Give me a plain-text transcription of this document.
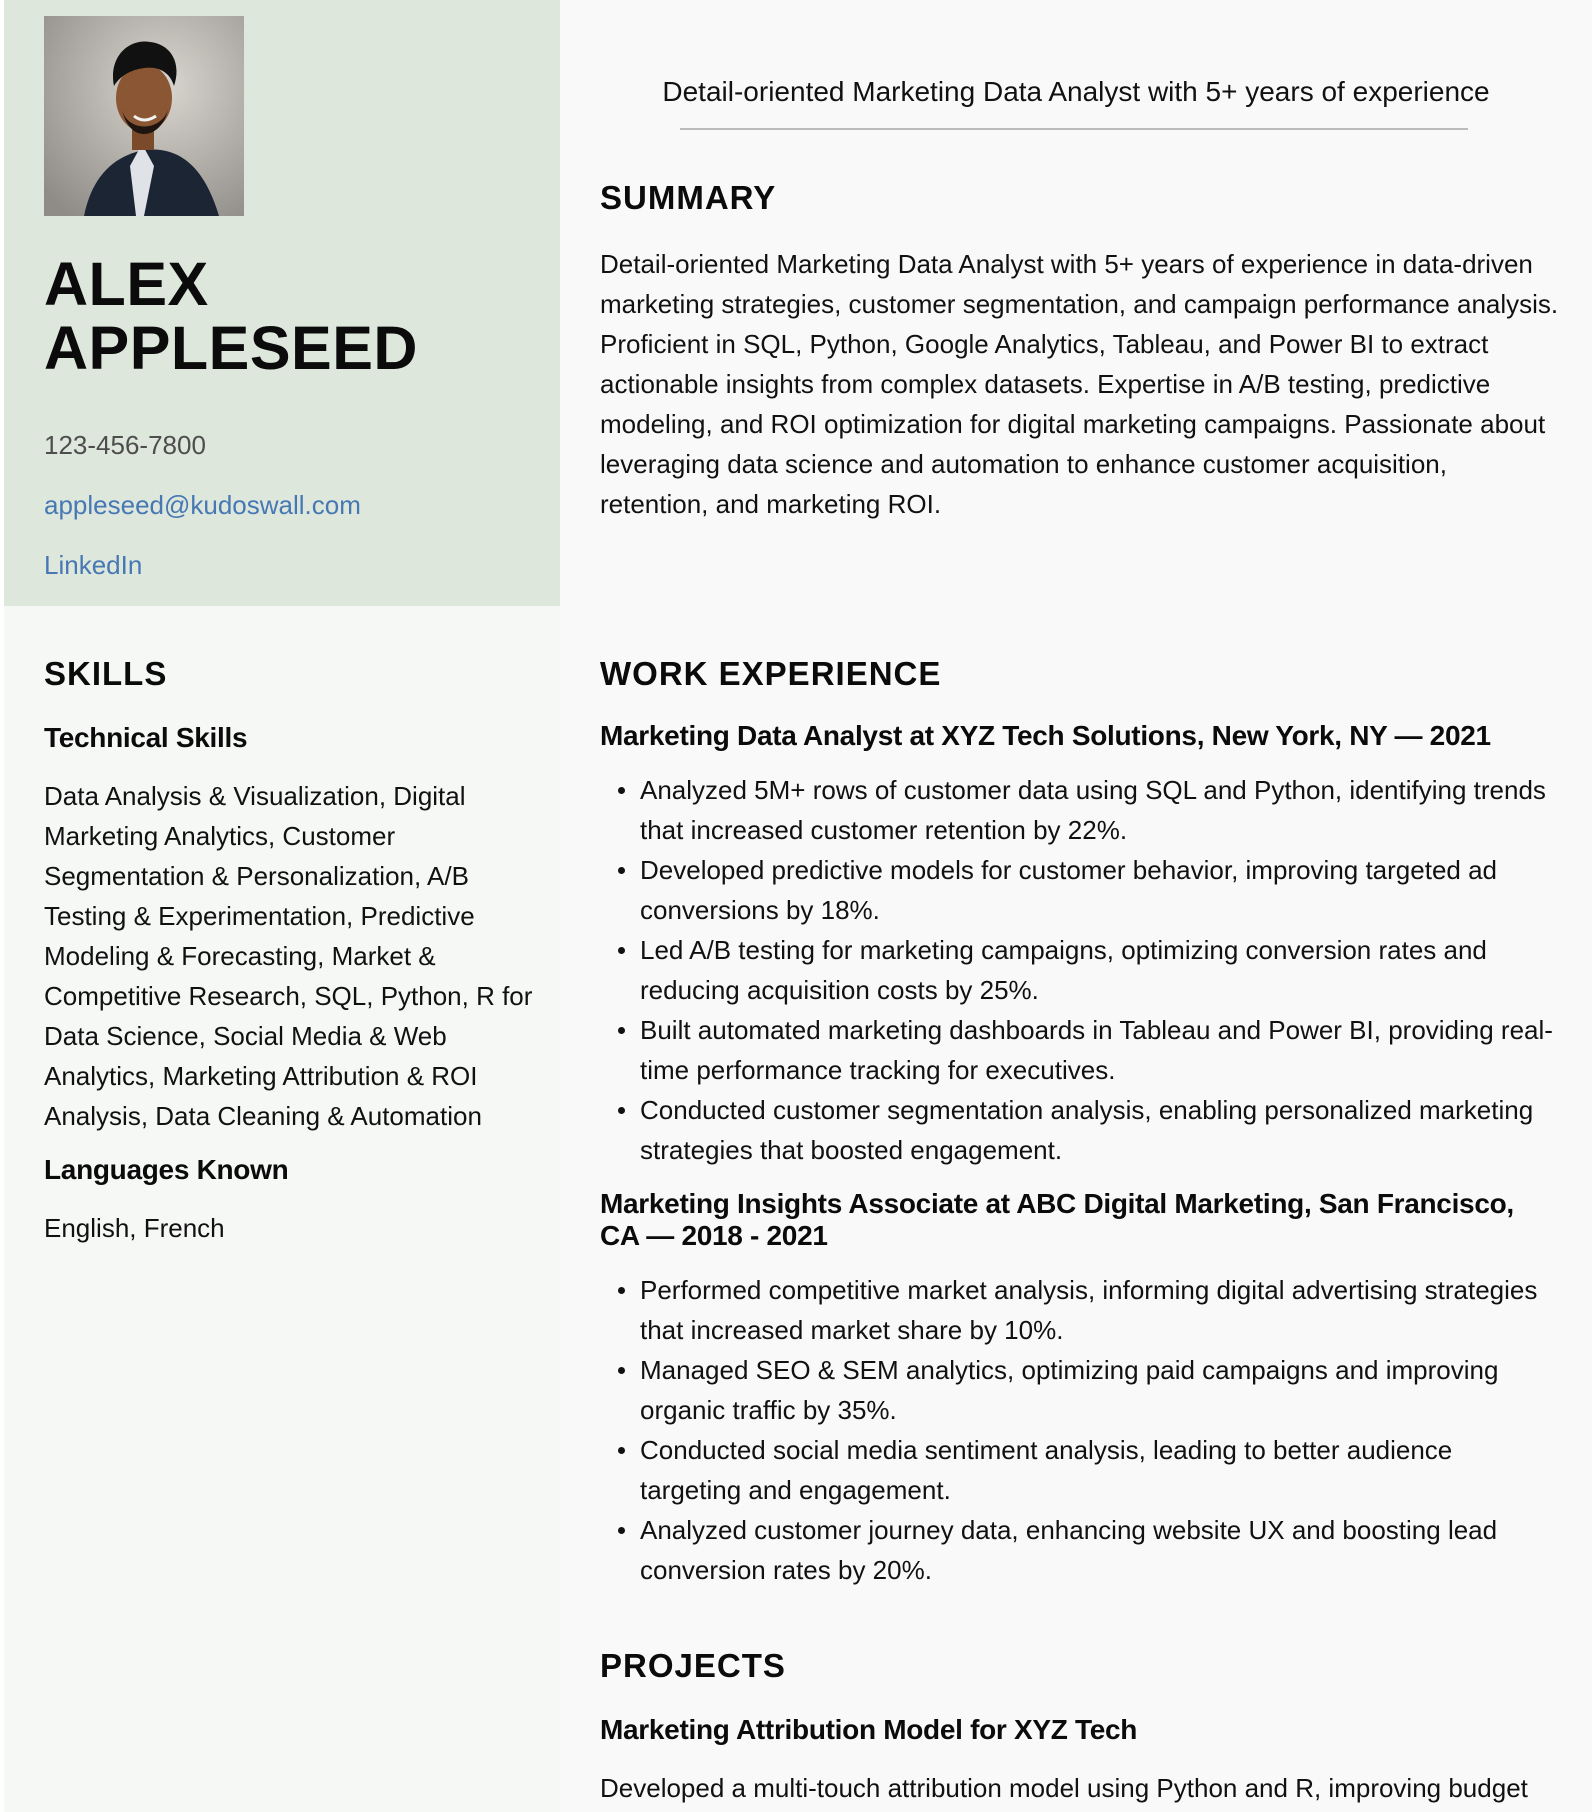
ALEX APPLESEED
123-456-7800
appleseed@kudoswall.com
LinkedIn
Detail-oriented Marketing Data Analyst with 5+ years of experience
SUMMARY

Detail-oriented Marketing Data Analyst with 5+ years of experience in data-driven marketing strategies, customer segmentation, and campaign performance analysis. Proficient in SQL, Python, Google Analytics, Tableau, and Power BI to extract actionable insights from complex datasets. Expertise in A/B testing, predictive modeling, and ROI optimization for digital marketing campaigns. Passionate about leveraging data science and automation to enhance customer acquisition, retention, and marketing ROI.

WORK EXPERIENCE
Marketing Data Analyst at XYZ Tech Solutions, New York, NY — 2021
Analyzed 5M+ rows of customer data using SQL and Python, identifying trends that increased customer retention by 22%.
Developed predictive models for customer behavior, improving targeted ad conversions by 18%.
Led A/B testing for marketing campaigns, optimizing conversion rates and reducing acquisition costs by 25%.
Built automated marketing dashboards in Tableau and Power BI, providing real-time performance tracking for executives.
Conducted customer segmentation analysis, enabling personalized marketing strategies that boosted engagement.
Marketing Insights Associate at ABC Digital Marketing, San Francisco, CA — 2018 - 2021
Performed competitive market analysis, informing digital advertising strategies that increased market share by 10%.
Managed SEO & SEM analytics, optimizing paid campaigns and improving organic traffic by 35%.
Conducted social media sentiment analysis, leading to better audience targeting and engagement.
Analyzed customer journey data, enhancing website UX and boosting lead conversion rates by 20%.
PROJECTS
Marketing Attribution Model for XYZ Tech

Developed a multi-touch attribution model using Python and R, improving budget

SKILLS
Technical Skills

Data Analysis & Visualization, Digital Marketing Analytics, Customer Segmentation & Personalization, A/B Testing & Experimentation, Predictive Modeling & Forecasting, Market & Competitive Research, SQL, Python, R for Data Science, Social Media & Web Analytics, Marketing Attribution & ROI Analysis, Data Cleaning & Automation

Languages Known

English, French
